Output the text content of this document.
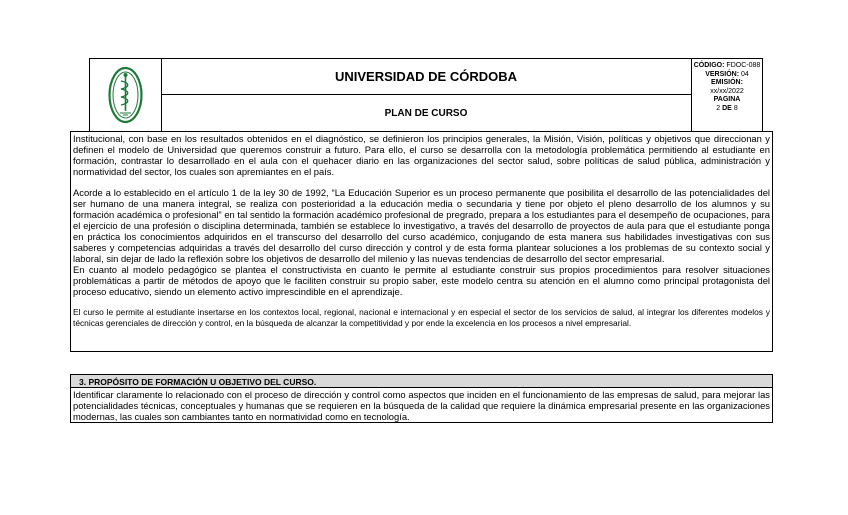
UNIVERSIDAD DE CÓRDOBA
PLAN DE CURSO
CÓDIGO: FDOC-088
VERSIÓN: 04
EMISIÓN:
xx/xx/2022
PAGINA
2 DE 8

Institucional, con base en los resultados obtenidos en el diagnóstico, se definieron los principios generales, la Misión, Visión, políticas y objetivos que direccionan y definen el modelo de Universidad que queremos construir a futuro. Para ello, el curso se desarrolla con la metodología problemática permitiendo al estudiante en formación, contrastar lo desarrollado en el aula con el quehacer diario en las organizaciones del sector salud, sobre políticas de salud pública, administración y normatividad del sector, los cuales son apremiantes en el país.

Acorde a lo establecido en el artículo 1 de la ley 30 de 1992, “La Educación Superior es un proceso permanente que posibilita el desarrollo de las potencialidades del ser humano de una manera integral, se realiza con posterioridad a la educación media o secundaria y tiene por objeto el pleno desarrollo de los alumnos y su formación académica o profesional” en tal sentido la formación académico profesional de pregrado, prepara a los estudiantes para el desempeño de ocupaciones, para el ejercicio de una profesión o disciplina determinada, también se establece lo investigativo, a través del desarrollo de proyectos de aula para que el estudiante ponga en práctica los conocimientos adquiridos en el transcurso del desarrollo del curso académico, conjugando de esta manera sus habilidades investigativas con sus saberes y competencias adquiridas a través del desarrollo del curso dirección y control y de esta forma plantear soluciones a los problemas de su contexto social y laboral, sin dejar de lado la reflexión sobre los objetivos de desarrollo del milenio y las nuevas tendencias de desarrollo del sector empresarial.

En cuanto al modelo pedagógico se plantea el constructivista en cuanto le permite al estudiante construir sus propios procedimientos para resolver situaciones problemáticas a partir de métodos de apoyo que le faciliten construir su propio saber, este modelo centra su atención en el alumno como principal protagonista del proceso educativo, siendo un elemento activo imprescindible en el aprendizaje.

El curso le permite al estudiante insertarse en los contextos local, regional, nacional e internacional y en especial el sector de los servicios de salud, al integrar los diferentes modelos y técnicas gerenciales de dirección y control, en la búsqueda de alcanzar la competitividad y por ende la excelencia en los procesos a nivel empresarial.

3. PROPÓSITO DE FORMACIÓN U OBJETIVO DEL CURSO.

Identificar claramente lo relacionado con el proceso de dirección y control como aspectos que inciden en el funcionamiento de las empresas de salud, para mejorar las potencialidades técnicas, conceptuales y humanas que se requieren en la búsqueda de la calidad que requiere la dinámica empresarial presente en las organizaciones modernas, las cuales son cambiantes tanto en normatividad como en tecnología.
